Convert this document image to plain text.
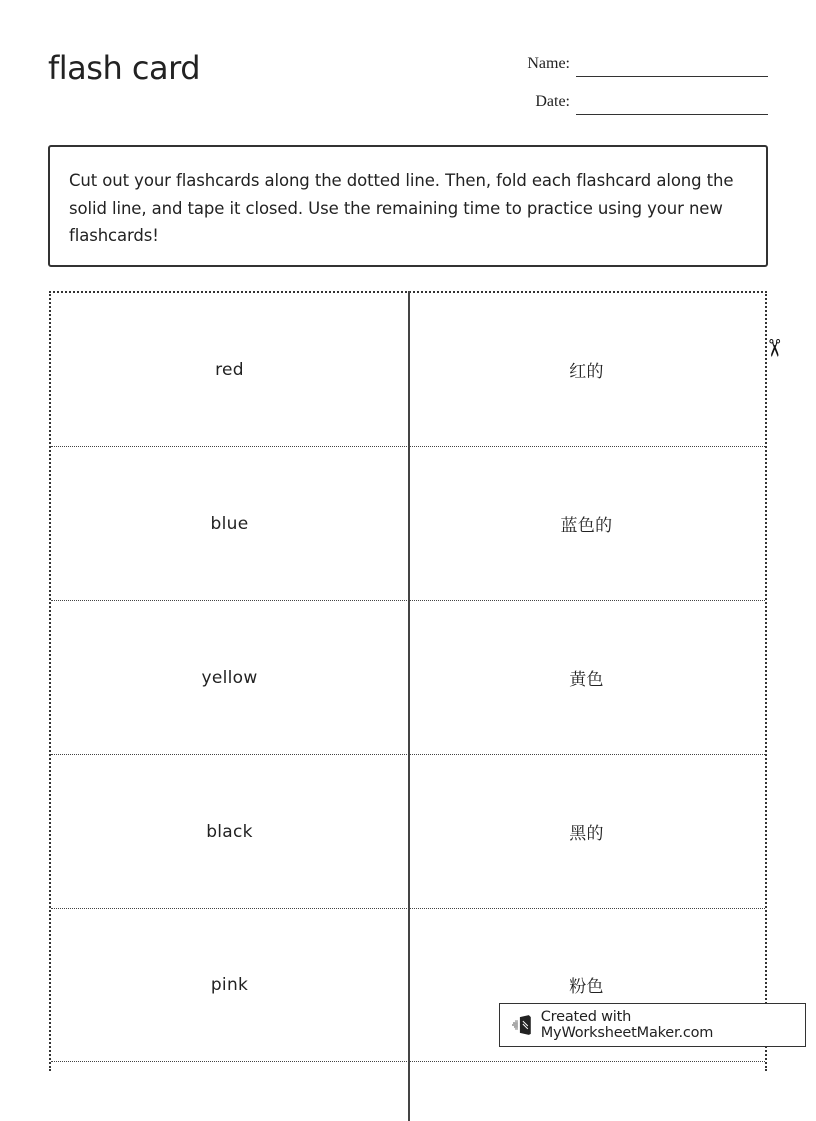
flash card	Name:
Date:
Cut out your flashcards along the dotted line. Then, fold each flashcard along the solid line, and tape it closed. Use the remaining time to practice using your new flashcards!
red	红的
blue	蓝色的
yellow	黄色
black	黑的
pink	粉色
✂
Created with MyWorksheetMaker.com
